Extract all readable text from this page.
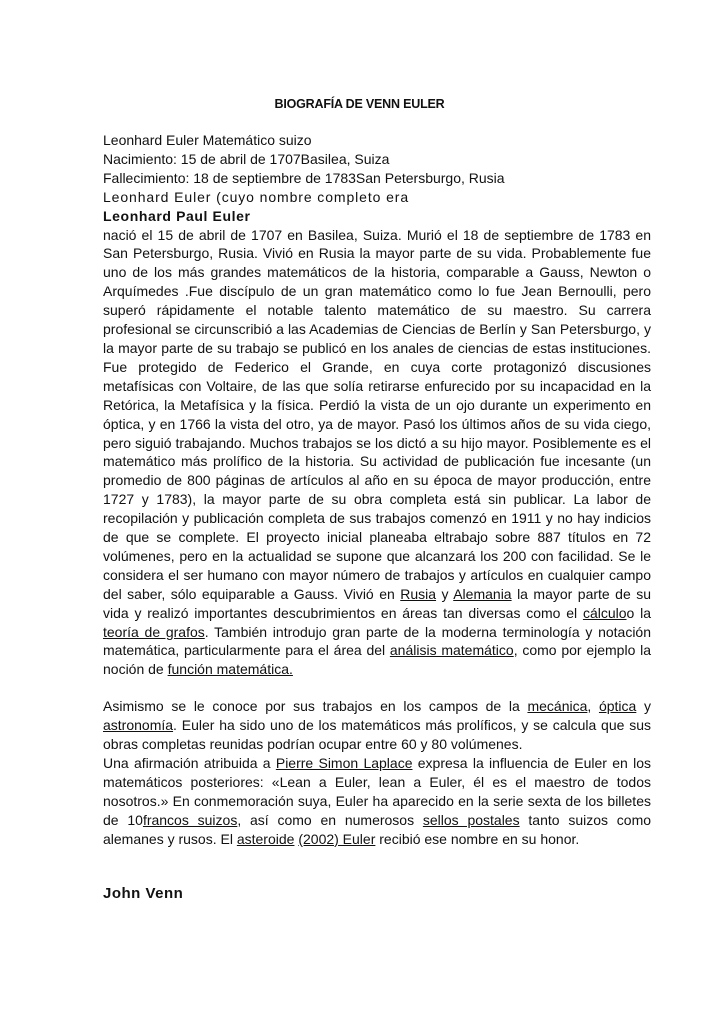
BIOGRAFÍA DE VENN EULER
Leonhard Euler Matemático suizo
Nacimiento: 15 de abril de 1707Basilea, Suiza
Fallecimiento: 18 de septiembre de 1783San Petersburgo, Rusia
Leonhard Euler (cuyo nombre completo era
Leonhard Paul Euler

nació el 15 de abril de 1707 en Basilea, Suiza. Murió el 18 de septiembre de 1783 en San Petersburgo, Rusia. Vivió en Rusia la mayor parte de su vida. Probablemente fue uno de los más grandes matemáticos de la historia, comparable a Gauss, Newton o Arquímedes .Fue discípulo de un gran matemático como lo fue Jean Bernoulli, pero superó rápidamente el notable talento matemático de su maestro. Su carrera profesional se circunscribió a las Academias de Ciencias de Berlín y San Petersburgo, y la mayor parte de su trabajo se publicó en los anales de ciencias de estas instituciones. Fue protegido de Federico el Grande, en cuya corte protagonizó discusiones metafísicas con Voltaire, de las que solía retirarse enfurecido por su incapacidad en la Retórica, la Metafísica y la física. Perdió la vista de un ojo durante un experimento en óptica, y en 1766 la vista del otro, ya de mayor. Pasó los últimos años de su vida ciego, pero siguió trabajando. Muchos trabajos se los dictó a su hijo mayor. Posiblemente es el matemático más prolífico de la historia. Su actividad de publicación fue incesante (un promedio de 800 páginas de artículos al año en su época de mayor producción, entre 1727 y 1783), la mayor parte de su obra completa está sin publicar. La labor de recopilación y publicación completa de sus trabajos comenzó en 1911 y no hay indicios de que se complete. El proyecto inicial planeaba eltrabajo sobre 887 títulos en 72 volúmenes, pero en la actualidad se supone que alcanzará los 200 con facilidad. Se le considera el ser humano con mayor número de trabajos y artículos en cualquier campo del saber, sólo equiparable a Gauss. Vivió en Rusia y Alemania la mayor parte de su vida y realizó importantes descubrimientos en áreas tan diversas como el cálculoo la teoría de grafos. También introdujo gran parte de la moderna terminología y notación matemática, particularmente para el área del análisis matemático, como por ejemplo la noción de función matemática.

Asimismo se le conoce por sus trabajos en los campos de la mecánica, óptica y astronomía. Euler ha sido uno de los matemáticos más prolíficos, y se calcula que sus obras completas reunidas podrían ocupar entre 60 y 80 volúmenes.

Una afirmación atribuida a Pierre Simon Laplace expresa la influencia de Euler en los matemáticos posteriores: «Lean a Euler, lean a Euler, él es el maestro de todos nosotros.» En conmemoración suya, Euler ha aparecido en la serie sexta de los billetes de 10francos suizos, así como en numerosos sellos postales tanto suizos como alemanes y rusos. El asteroide (2002) Euler recibió ese nombre en su honor.

John Venn
